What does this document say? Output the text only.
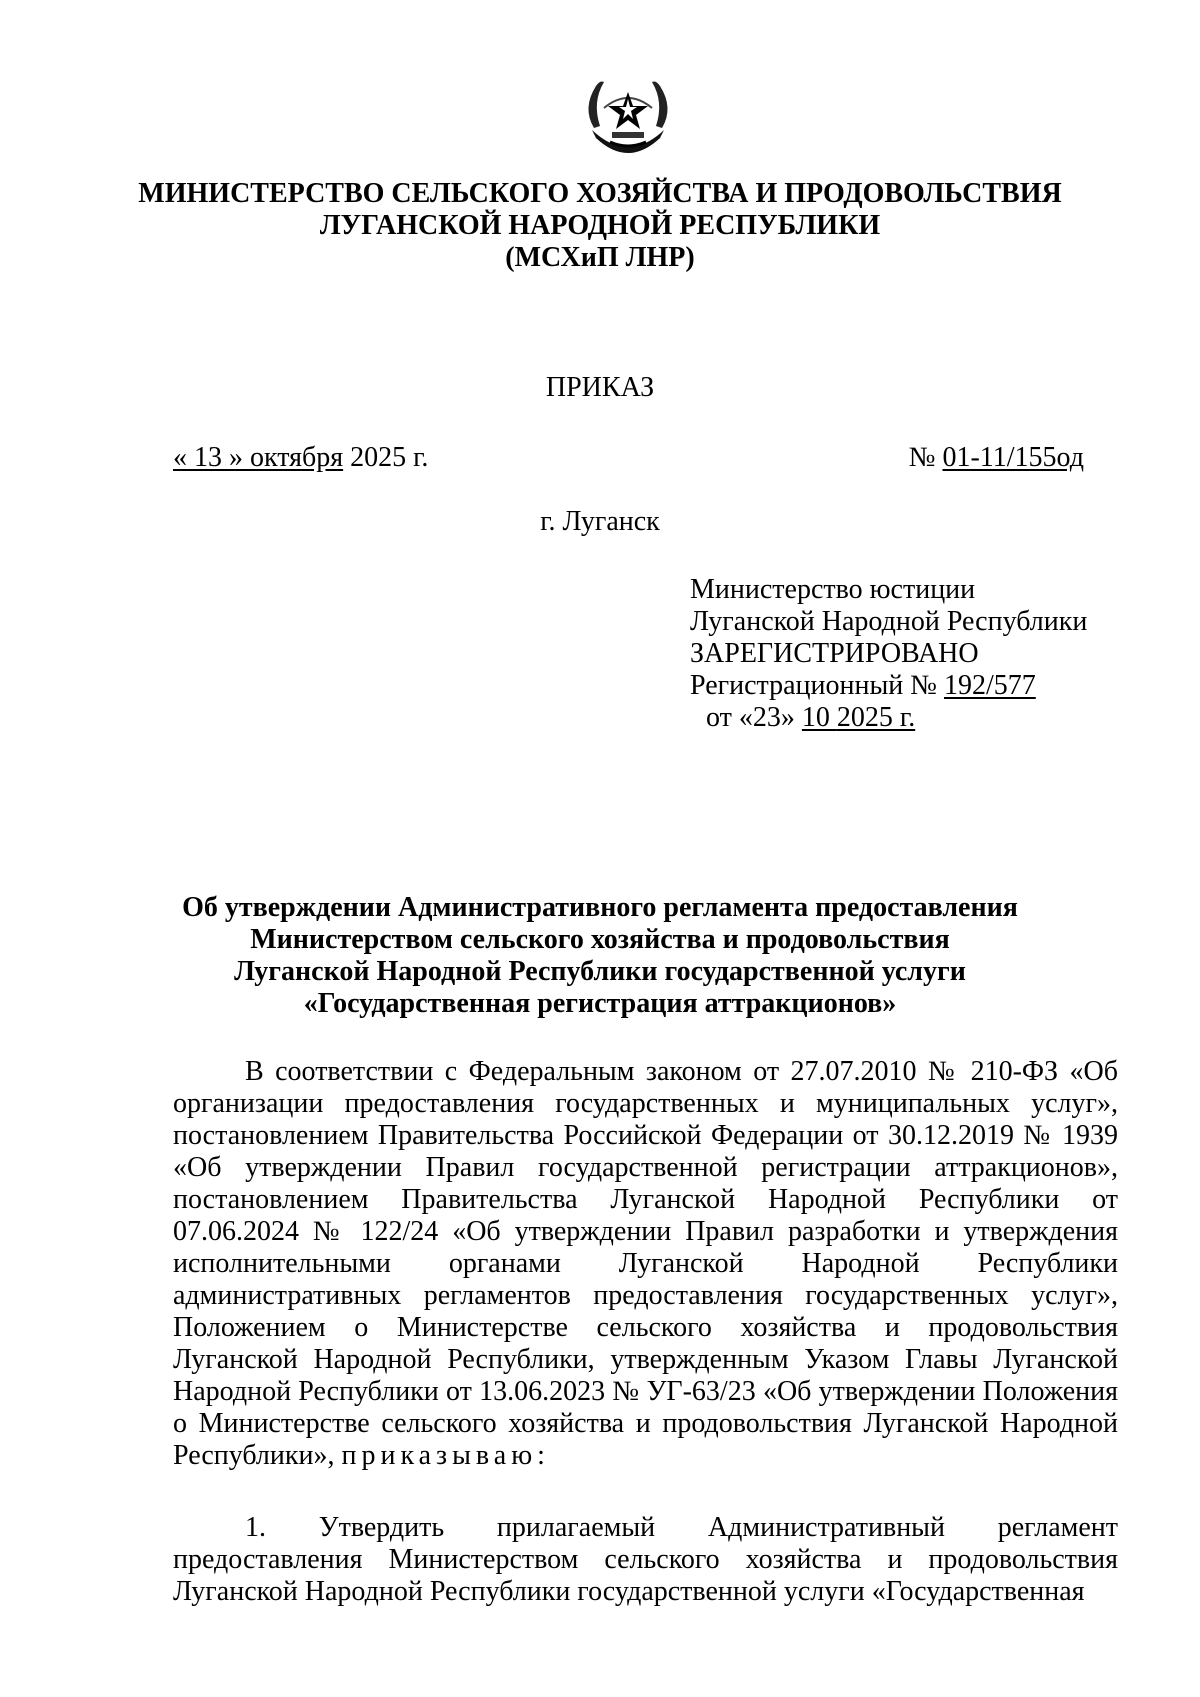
МИНИСТЕРСТВО СЕЛЬСКОГО ХОЗЯЙСТВА И ПРОДОВОЛЬСТВИЯ
ЛУГАНСКОЙ НАРОДНОЙ РЕСПУБЛИКИ
(МСХиП ЛНР)
ПРИКАЗ
« 13 » октября 2025 г.	№ 01-11/155од
г. Луганск
Министерство юстиции
Луганской Народной Республики
ЗАРЕГИСТРИРОВАНО
Регистрационный № 192/577
от «23» 10 2025 г.
Об утверждении Административного регламента предоставления
Министерством сельского хозяйства и продовольствия
Луганской Народной Республики государственной услуги
«Государственная регистрация аттракционов»
В соответствии с Федеральным законом от 27.07.2010 № 210-ФЗ «Об организации предоставления государственных и муниципальных услуг», постановлением Правительства Российской Федерации от 30.12.2019 № 1939 «Об утверждении Правил государственной регистрации аттракционов», постановлением Правительства Луганской Народной Республики от 07.06.2024 № 122/24 «Об утверждении Правил разработки и утверждения исполнительными органами Луганской Народной Республики административных регламентов предоставления государственных услуг», Положением о Министерстве сельского хозяйства и продовольствия Луганской Народной Республики, утвержденным Указом Главы Луганской Народной Республики от 13.06.2023 № УГ-63/23 «Об утверждении Положения о Министерстве сельского хозяйства и продовольствия Луганской Народной Республики», приказываю:
1. Утвердить прилагаемый Административный регламент предоставления Министерством сельского хозяйства и продовольствия Луганской Народной Республики государственной услуги «Государственная
